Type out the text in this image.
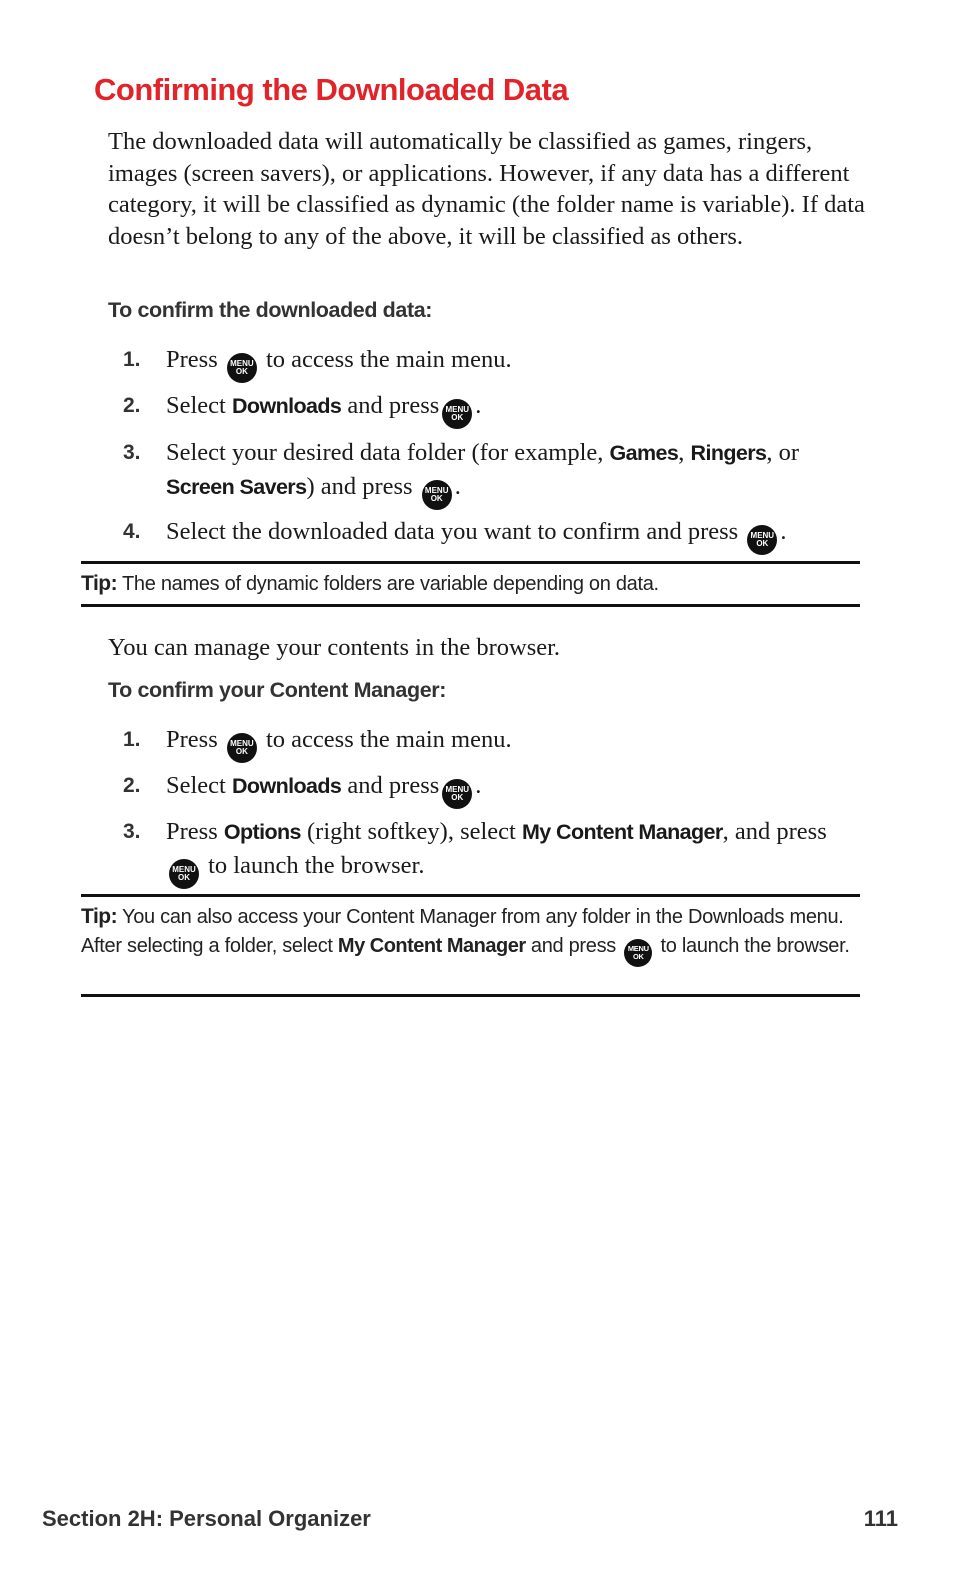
Confirming the Downloaded Data

The downloaded data will automatically be classified as games, ringers, images (screen savers), or applications. However, if any data has a different category, it will be classified as dynamic (the folder name is variable). If data doesn’t belong to any of the above, it will be classified as others.

To confirm the downloaded data:
1. Press MENU
OK to access the main menu.
2. Select Downloads and press MENU
OK .
3. Select your desired data folder (for example, Games, Ringers, or
Screen Savers) and press MENU
OK .
4. Select the downloaded data you want to confirm and press MENU
OK .
Tip: The names of dynamic folders are variable depending on data.

You can manage your contents in the browser.

To confirm your Content Manager:
1. Press MENU
OK to access the main menu.
2. Select Downloads and press MENU
OK .
3. Press Options (right softkey), select My Content Manager, and press MENU
OK to launch the browser.
Tip: You can also access your Content Manager from any folder in the Downloads menu. After selecting a folder, select My Content Manager and press MENU
OK to launch the browser.
Section 2H: Personal Organizer	111
